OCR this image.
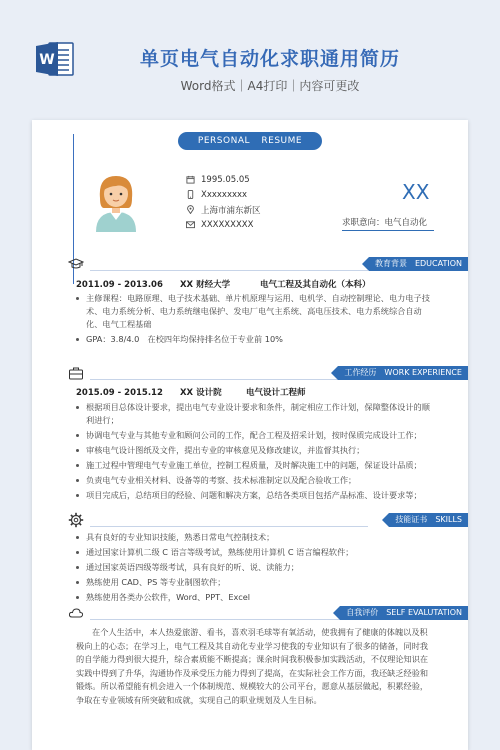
W	单页电气自动化求职通用简历
Word格式｜A4打印｜内容可更改
PERSONAL RESUME
1995.05.05
Xxxxxxxxx
上海市浦东新区
XXXXXXXXX
XX
求职意向：电气自动化
教育背景 EDUCATION
2011.09 - 2013.06 XX 财经大学	电气工程及其自动化（本科）
主修课程：电路原理、电子技术基础、单片机原理与运用、电机学、自动控制理论、电力电子技术、电力系统分析、电力系统继电保护、发电厂电气主系统、高电压技术、电力系统综合自动化、电气工程基础
GPA：3.8/4.0　在校四年均保持排名位于专业前 10%
工作经历 WORK EXPERIENCE
2015.09 - 2015.12 XX 设计院	电气设计工程师
根据项目总体设计要求，提出电气专业设计要求和条件，制定相应工作计划，保障整体设计的顺利进行；
协调电气专业与其他专业和顾问公司的工作，配合工程及招采计划，按时保质完成设计工作；
审核电气设计图纸及文件，提出专业的审核意见及修改建议，并监督其执行；
施工过程中管理电气专业施工单位，控制工程质量，及时解决施工中的问题，保证设计品质；
负责电气专业相关材料、设备等的考察、技术标准制定以及配合验收工作；
项目完成后，总结项目的经验、问题和解决方案，总结各类项目包括产品标准、设计要求等；
技能证书 SKILLS
具有良好的专业知识技能，熟悉日常电气控制技术；
通过国家计算机二级 C 语言等级考试，熟练使用计算机 C 语言编程软件；
通过国家英语四级等级考试，具有良好的听、说、读能力；
熟练使用 CAD、PS 等专业制图软件；
熟练使用各类办公软件，Word、PPT、Excel
自我评价 SELF EVALUTATION

在个人生活中，本人热爱旅游、看书，喜欢羽毛球等有氧活动，使我拥有了健康的体魄以及积极向上的心态；在学习上，电气工程及其自动化专业学习使我的专业知识有了很多的储备，同时我的自学能力得到很大提升，综合素质能不断提高；课余时间我积极参加实践活动，不仅理论知识在实践中得到了升华，沟通协作及承受压力能力得到了提高，在实际社会工作方面，我还缺乏经验和锻炼。所以希望能有机会进入一个体制规范、规模较大的公司平台，愿意从基层做起，积累经验，争取在专业领域有所突破和成就，实现自己的职业规划及人生目标。
